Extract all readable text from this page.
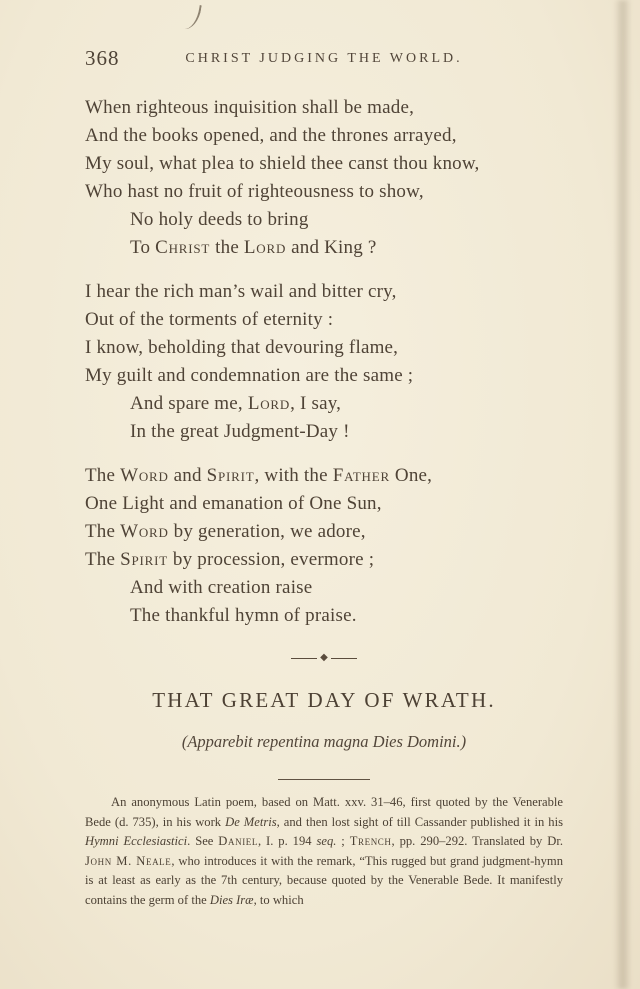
368	CHRIST JUDGING THE WORLD.
When righteous inquisition shall be made,
And the books opened, and the thrones arrayed,
My soul, what plea to shield thee canst thou know,
Who hast no fruit of righteousness to show,
No holy deeds to bring
To Christ the Lord and King ?
I hear the rich man’s wail and bitter cry,
Out of the torments of eternity :
I know, beholding that devouring flame,
My guilt and condemnation are the same ;
And spare me, Lord, I say,
In the great Judgment-Day !
The Word and Spirit, with the Father One,
One Light and emanation of One Sun,
The Word by generation, we adore,
The Spirit by procession, evermore ;
And with creation raise
The thankful hymn of praise.
◆
THAT GREAT DAY OF WRATH.
(Apparebit repentina magna Dies Domini.)

An anonymous Latin poem, based on Matt. xxv. 31–46, first quoted by the Venerable Bede (d. 735), in his work De Metris, and then lost sight of till Cassander published it in his Hymni Ecclesiastici. See Daniel, I. p. 194 seq. ; Trench, pp. 290–292. Translated by Dr. John M. Neale, who introduces it with the remark, “This rugged but grand judgment-hymn is at least as early as the 7th century, because quoted by the Venerable Bede. It manifestly contains the germ of the Dies Iræ, to which
